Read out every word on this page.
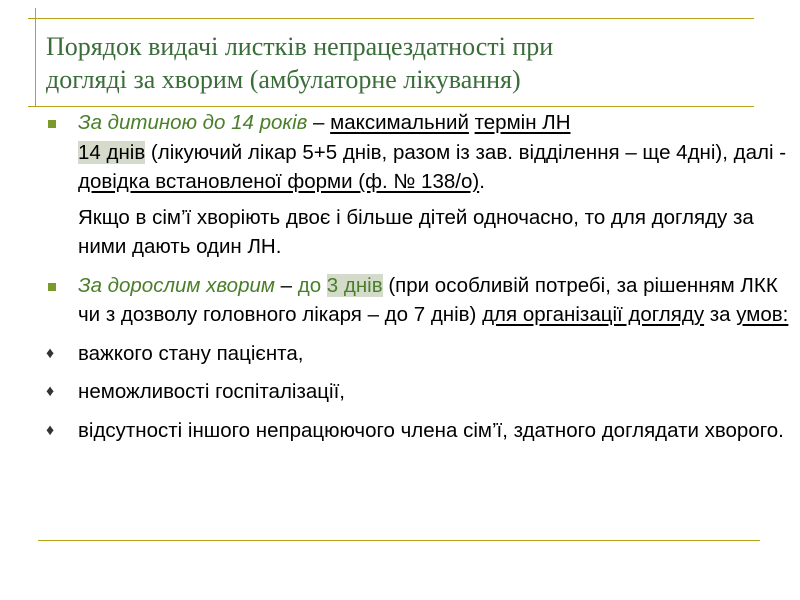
Порядок видачі листків непрацездатності при
догляді за хворим (амбулаторне лікування)
За дитиною до 14 років – максимальний термін ЛН
14 днів (лікуючий лікар 5+5 днів, разом із зав. відділення – ще 4дні), далі - довідка встановленої форми (ф. № 138/о).
Якщо в сім’ї хворіють двоє і більше дітей одночасно, то для догляду за ними дають один ЛН.
За дорослим хворим – до 3 днів (при особливій потребі, за рішенням ЛКК чи з дозволу головного лікаря – до 7 днів) для організації догляду за умов:
♦ важкого стану пацієнта,
♦ неможливості госпіталізації,
♦ відсутності іншого непрацюючого члена сім’ї, здатного доглядати хворого.
